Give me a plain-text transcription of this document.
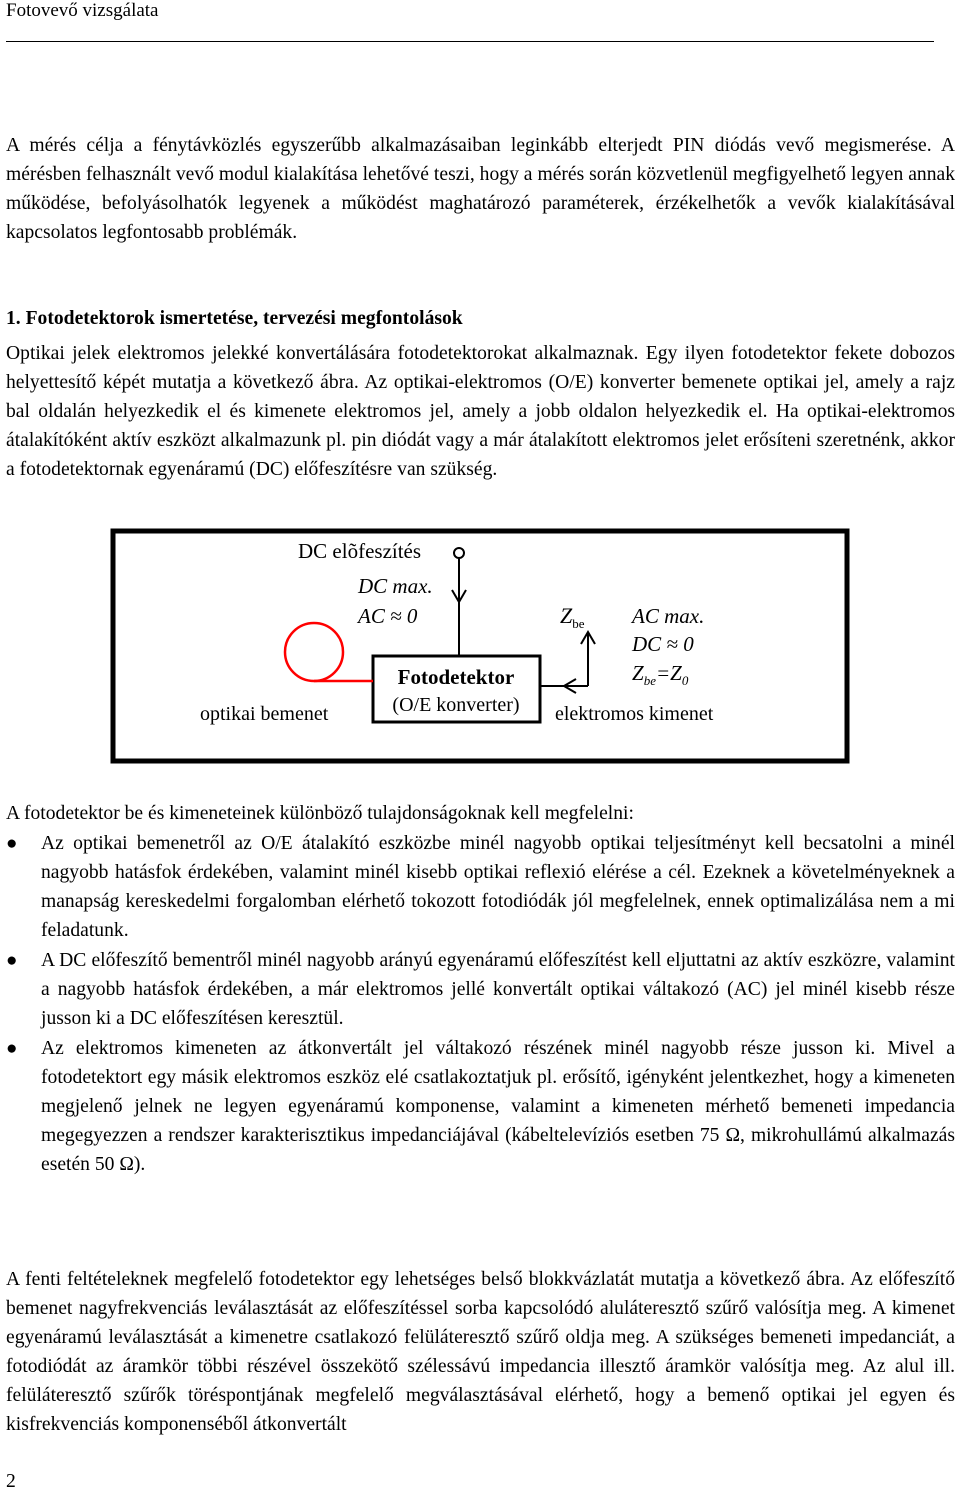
Fotovevő vizsgálata

A mérés célja a fénytávközlés egyszerűbb alkalmazásaiban leginkább elterjedt PIN diódás vevő megismerése. A mérésben felhasznált vevő modul kialakítása lehetővé teszi, hogy a mérés során közvetlenül megfigyelhető legyen annak működése, befolyásolhatók legyenek a működést maghatározó paraméterek, érzékelhetők a vevők kialakításával kapcsolatos legfontosabb problémák.

1. Fotodetektorok ismertetése, tervezési megfontolások

Optikai jelek elektromos jelekké konvertálására fotodetektorokat alkalmaznak. Egy ilyen fotodetektor fekete dobozos helyettesítő képét mutatja a következő ábra. Az optikai-elektromos (O/E) konverter bemenete optikai jel, amely a rajz bal oldalán helyezkedik el és kimenete elektromos jel, amely a jobb oldalon helyezkedik el. Ha optikai-elektromos átalakítóként aktív eszközt alkalmazunk pl. pin diódát vagy a már átalakított elektromos jelet erősíteni szeretnénk, akkor a fotodetektornak egyenáramú (DC) előfeszítésre van szükség.

DC elõfeszítés
DC max.
AC ≈ 0
Fotodetektor
(O/E konverter)
optikai bemenet
$Z_{be}$
elektromos kimenet
AC max.
DC ≈ 0
$Z_{be}=Z_0$

A fotodetektor be és kimeneteinek különböző tulajdonságoknak kell megfelelni:

● Az optikai bemenetről az O/E átalakító eszközbe minél nagyobb optikai teljesítményt kell becsatolni a minél nagyobb hatásfok érdekében, valamint minél kisebb optikai reflexió elérése a cél. Ezeknek a követelményeknek a manapság kereskedelmi forgalomban elérhető tokozott fotodiódák jól megfelelnek, ennek optimalizálása nem a mi feladatunk.
● A DC előfeszítő bementről minél nagyobb arányú egyenáramú előfeszítést kell eljuttatni az aktív eszközre, valamint a nagyobb hatásfok érdekében, a már elektromos jellé konvertált optikai váltakozó (AC) jel minél kisebb része jusson ki a DC előfeszítésen keresztül.
● Az elektromos kimeneten az átkonvertált jel váltakozó részének minél nagyobb része jusson ki. Mivel a fotodetektort egy másik elektromos eszköz elé csatlakoztatjuk pl. erősítő, igényként jelentkezhet, hogy a kimeneten megjelenő jelnek ne legyen egyenáramú komponense, valamint a kimeneten mérhető bemeneti impedancia megegyezzen a rendszer karakterisztikus impedanciájával (kábeltelevíziós esetben 75 Ω, mikrohullámú alkalmazás esetén 50 Ω).

A fenti feltételeknek megfelelő fotodetektor egy lehetséges belső blokkvázlatát mutatja a következő ábra. Az előfeszítő bemenet nagyfrekvenciás leválasztását az előfeszítéssel sorba kapcsolódó aluláteresztő szűrő valósítja meg. A kimenet egyenáramú leválasztását a kimenetre csatlakozó felüláteresztő szűrő oldja meg. A szükséges bemeneti impedanciát, a fotodiódát az áramkör többi részével összekötő szélessávú impedancia illesztő áramkör valósítja meg. Az alul ill. felüláteresztő szűrők töréspontjának megfelelő megválasztásával elérhető, hogy a bemenő optikai jel egyen és kisfrekvenciás komponenséből átkonvertált

2
